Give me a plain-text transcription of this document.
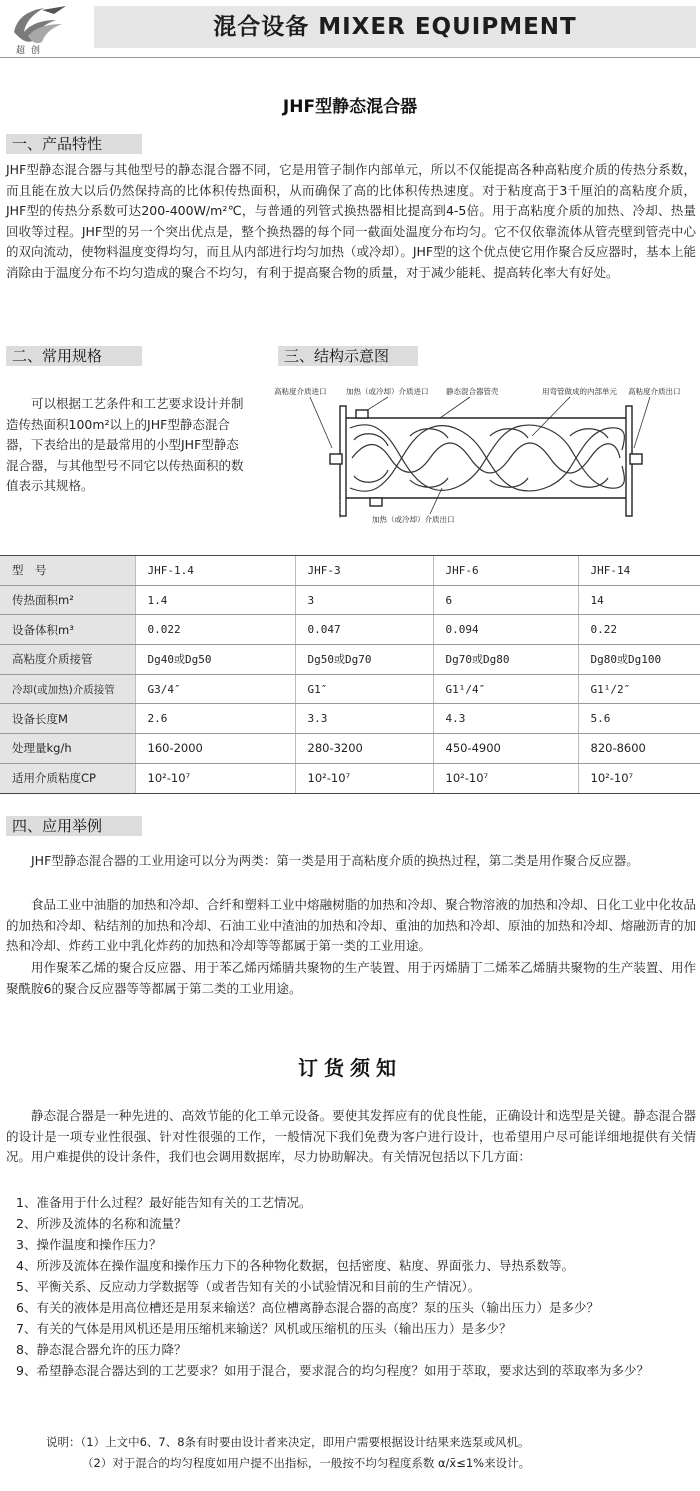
超创
混合设备 MIXER EQUIPMENT
JHF型静态混合器
一、产品特性
JHF型静态混合器与其他型号的静态混合器不同，它是用管子制作内部单元，所以不仅能提高各种高粘度介质的传热分系数，而且能在放大以后仍然保持高的比体积传热面积，从而确保了高的比体积传热速度。对于粘度高于3千厘泊的高粘度介质，JHF型的传热分系数可达200-400W/m²℃，与普通的列管式换热器相比提高到4-5倍。用于高粘度介质的加热、冷却、热量回收等过程。JHF型的另一个突出优点是，整个换热器的每个同一截面处温度分布均匀。它不仅依靠流体从管壳壁到管壳中心的双向流动，使物料温度变得均匀，而且从内部进行均匀加热（或冷却）。JHF型的这个优点使它用作聚合反应器时，基本上能消除由于温度分布不均匀造成的聚合不均匀，有利于提高聚合物的质量，对于减少能耗、提高转化率大有好处。
二、常用规格
可以根据工艺条件和工艺要求设计并制造传热面积100m²以上的JHF型静态混合器，下表给出的是最常用的小型JHF型静态混合器，与其他型号不同它以传热面积的数值表示其规格。
三、结构示意图
高粘度介质进口	加热（或冷却）介质进口 静态混合器管壳	用弯管做成的内部单元 高粘度介质出口
加热（或冷却）介质出口
型　号	JHF-1.4	JHF-3	JHF-6	JHF-14
传热面积m²	1.4	3	6	14
设备体积m³	0.022	0.047	0.094	0.22
高粘度介质接管	Dg40或Dg50	Dg50或Dg70	Dg70或Dg80	Dg80或Dg100
冷却(或加热)介质接管	G3/4″	G1″	G1¹/4″	G1¹/2″
设备长度M	2.6	3.3	4.3	5.6
处理量kg/h	160-2000	280-3200	450-4900	820-8600
适用介质粘度CP	10²-10⁷	10²-10⁷	10²-10⁷	10²-10⁷
四、应用举例
JHF型静态混合器的工业用途可以分为两类：第一类是用于高粘度介质的换热过程，第二类是用作聚合反应器。
食品工业中油脂的加热和冷却、合纤和塑料工业中熔融树脂的加热和冷却、聚合物溶液的加热和冷却、日化工业中化妆品的加热和冷却、粘结剂的加热和冷却、石油工业中渣油的加热和冷却、重油的加热和冷却、原油的加热和冷却、熔融沥青的加热和冷却、炸药工业中乳化炸药的加热和冷却等等都属于第一类的工业用途。
用作聚苯乙烯的聚合反应器、用于苯乙烯丙烯腈共聚物的生产装置、用于丙烯腈丁二烯苯乙烯腈共聚物的生产装置、用作聚酰胺6的聚合反应器等等都属于第二类的工业用途。
订货须知
静态混合器是一种先进的、高效节能的化工单元设备。要使其发挥应有的优良性能，正确设计和选型是关键。静态混合器的设计是一项专业性很强、针对性很强的工作，一般情况下我们免费为客户进行设计，也希望用户尽可能详细地提供有关情况。用户难提供的设计条件，我们也会调用数据库，尽力协助解决。有关情况包括以下几方面：
1、准备用于什么过程？最好能告知有关的工艺情况。
2、所涉及流体的名称和流量？
3、操作温度和操作压力？
4、所涉及流体在操作温度和操作压力下的各种物化数据，包括密度、粘度、界面张力、导热系数等。
5、平衡关系、反应动力学数据等（或者告知有关的小试验情况和目前的生产情况）。
6、有关的液体是用高位槽还是用泵来输送？高位槽离静态混合器的高度？泵的压头（输出压力）是多少？
7、有关的气体是用风机还是用压缩机来输送？风机或压缩机的压头（输出压力）是多少？
8、静态混合器允许的压力降？
9、希望静态混合器达到的工艺要求？如用于混合，要求混合的均匀程度？如用于萃取，要求达到的萃取率为多少？
说明：（1）上文中6、7、8条有时要由设计者来决定，即用户需要根据设计结果来选泵或风机。
（2）对于混合的均匀程度如用户提不出指标，一般按不均匀程度系数 α/x̄≤1%来设计。
